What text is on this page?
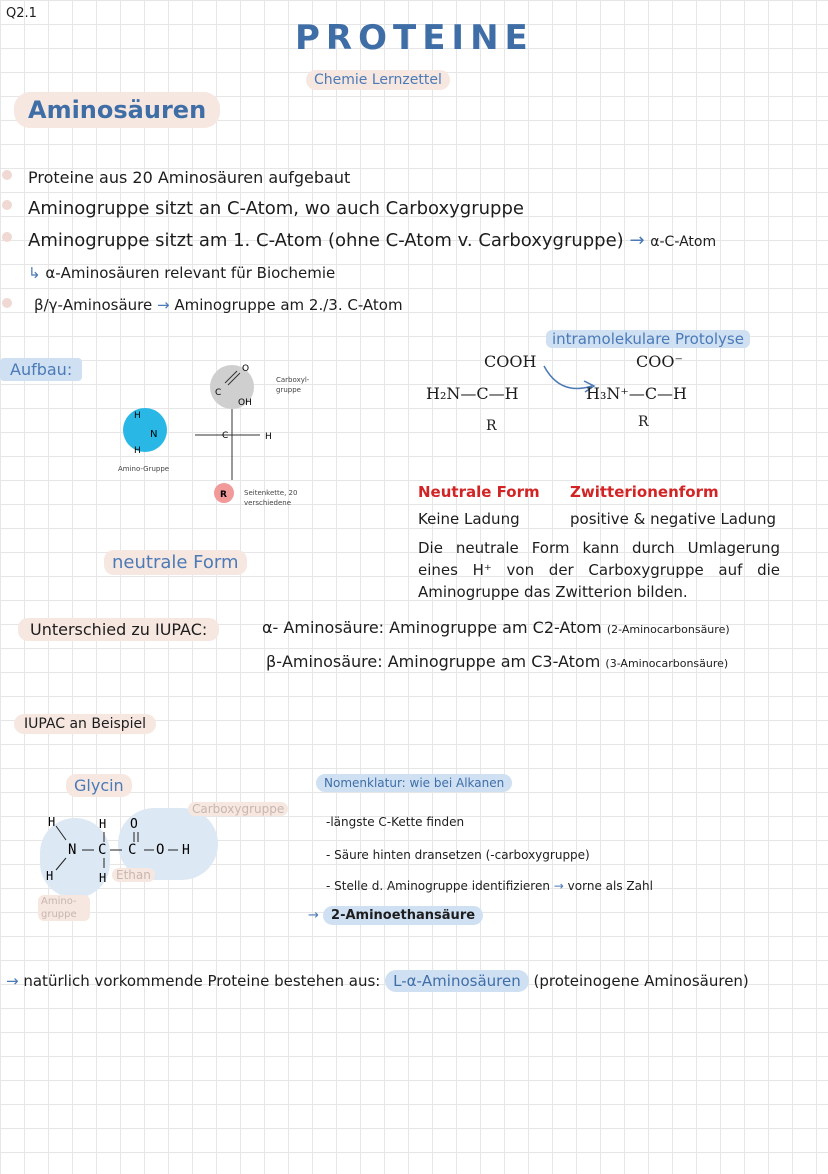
Q2.1
PROTEINE
Chemie Lernzettel
Aminosäuren
Proteine aus 20 Aminosäuren aufgebaut
Aminogruppe sitzt an C-Atom, wo auch Carboxygruppe
Aminogruppe sitzt am 1. C-Atom (ohne C-Atom v. Carboxygruppe) → α-C-Atom
↳ α-Aminosäuren relevant für Biochemie
β/γ-Aminosäure → Aminogruppe am 2./3. C-Atom
Aufbau:	O
OH
C
C	H
N
H
H
R
Carboxyl-gruppe
Amino-Gruppe
Seitenkette, 20 verschiedene
neutrale Form
intramolekulare Protolyse
COOH
H₂N—C—H
R
COO⁻
H₃N⁺—C—H
R
Neutrale Form Zwitterionenform
Keine Ladung	positive & negative Ladung
Die neutrale Form kann durch Umlagerung eines H⁺ von der Carboxygruppe auf die Aminogruppe das Zwitterion bilden.
Unterschied zu IUPAC:	α- Aminosäure: Aminogruppe am C2-Atom (2-Aminocarbonsäure)
β-Aminosäure: Aminogruppe am C3-Atom (3-Aminocarbonsäure)
IUPAC an Beispiel
Glycin
Carboxygruppe
Ethan
Amino-gruppe
H
H
N
H
C
H
O
C O H
Nomenklatur: wie bei Alkanen
-längste C-Kette finden
- Säure hinten dransetzen (-carboxygruppe)
- Stelle d. Aminogruppe identifizieren → vorne als Zahl
→ 2-Aminoethansäure
→ natürlich vorkommende Proteine bestehen aus: L-α-Aminosäuren (proteinogene Aminosäuren)
